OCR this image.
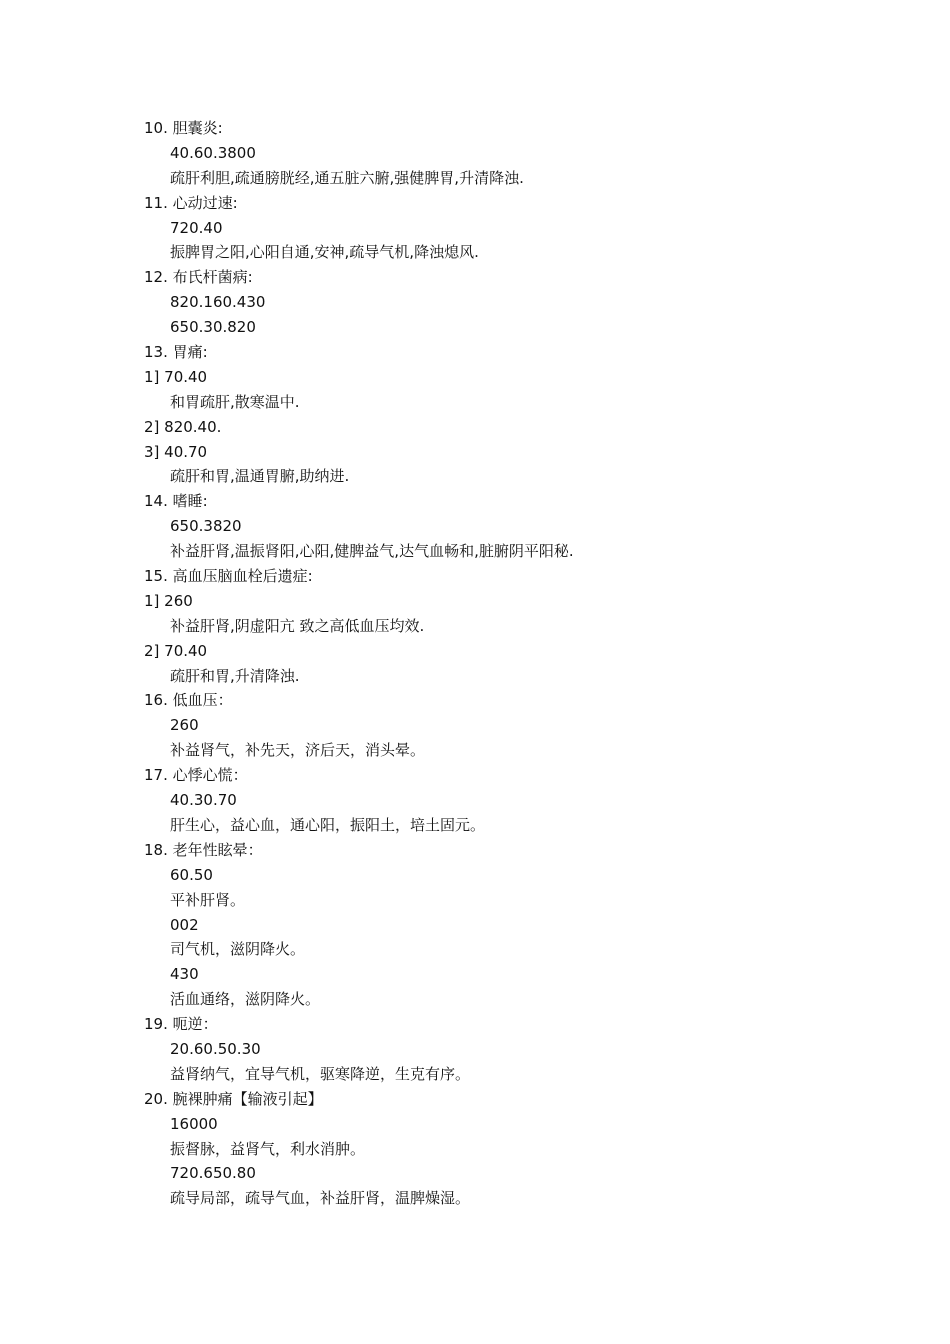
10. 胆囊炎:
40.60.3800
疏肝利胆,疏通膀胱经,通五脏六腑,强健脾胃,升清降浊.
11. 心动过速:
720.40
振脾胃之阳,心阳自通,安神,疏导气机,降浊熄风.
12. 布氏杆菌病:
820.160.430
650.30.820
13. 胃痛:
1] 70.40
和胃疏肝,散寒温中.
2] 820.40.
3] 40.70
疏肝和胃,温通胃腑,助纳进.
14. 嗜睡:
650.3820
补益肝肾,温振肾阳,心阳,健脾益气,达气血畅和,脏腑阴平阳秘.
15. 高血压脑血栓后遗症:
1] 260
补益肝肾,阴虚阳亢 致之高低血压均效.
2] 70.40
疏肝和胃,升清降浊.
16. 低血压：
260
补益肾气，补先天，济后天，消头晕。
17. 心悸心慌：
40.30.70
肝生心，益心血，通心阳，振阳土，培土固元。
18. 老年性眩晕：
60.50
平补肝肾。
002
司气机，滋阴降火。
430
活血通络，滋阴降火。
19. 呃逆：
20.60.50.30
益肾纳气，宜导气机，驱寒降逆，生克有序。
20. 腕裸肿痛【输液引起】
16000
振督脉，益肾气，利水消肿。
720.650.80
疏导局部，疏导气血，补益肝肾，温脾燥湿。
